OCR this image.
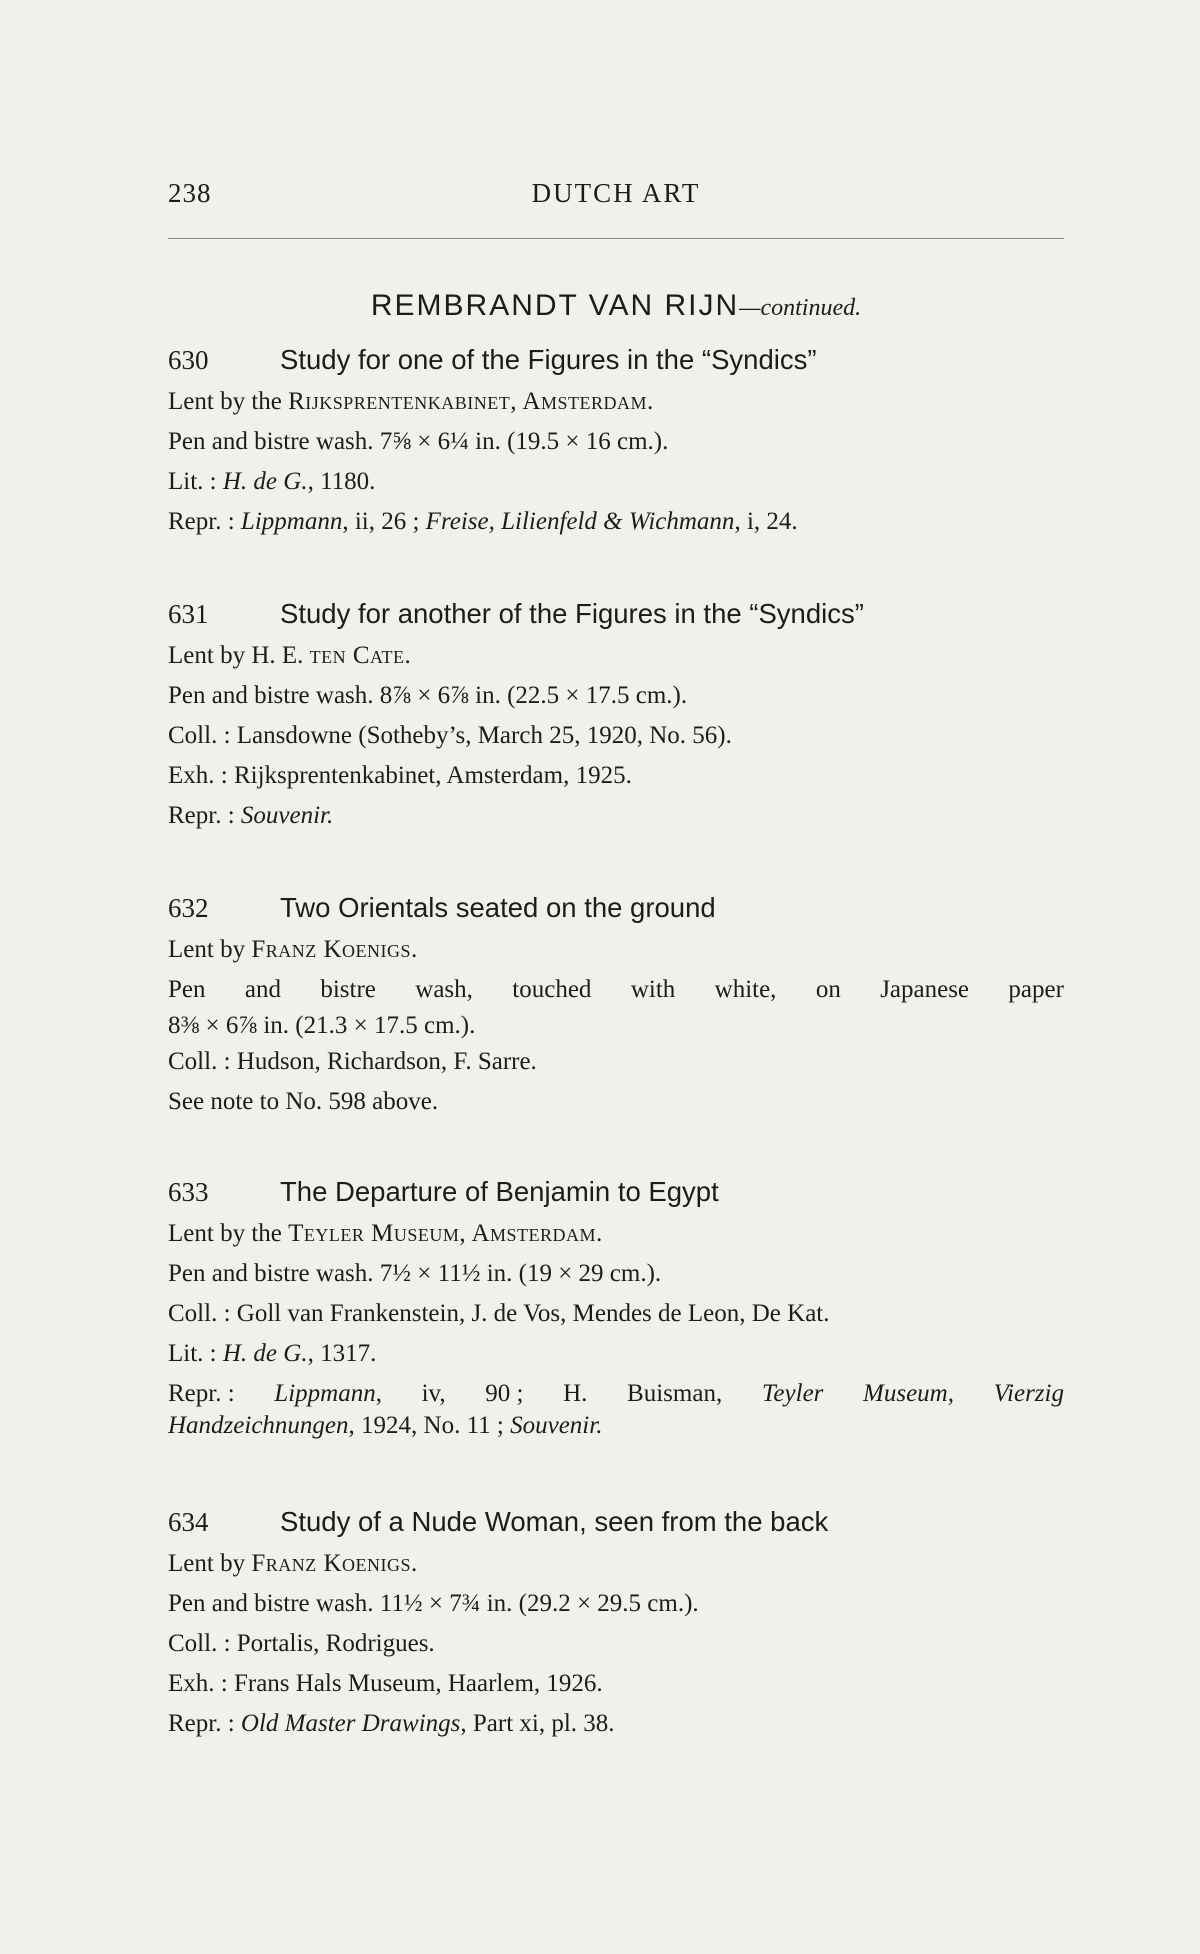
238	DUTCH ART
REMBRANDT VAN RIJN—continued.
630	Study for one of the Figures in the “Syndics”
Lent by the Rijksprentenkabinet, Amsterdam.
Pen and bistre wash. 7⅝ × 6¼ in. (19.5 × 16 cm.).
Lit. : H. de G., 1180.
Repr. : Lippmann, ii, 26 ; Freise, Lilienfeld & Wichmann, i, 24.
631	Study for another of the Figures in the “Syndics”
Lent by H. E. ten Cate.
Pen and bistre wash. 8⅞ × 6⅞ in. (22.5 × 17.5 cm.).
Coll. : Lansdowne (Sotheby’s, March 25, 1920, No. 56).
Exh. : Rijksprentenkabinet, Amsterdam, 1925.
Repr. : Souvenir.
632	Two Orientals seated on the ground
Lent by Franz Koenigs.
Pen and bistre wash, touched with white, on Japanese paper
8⅜ × 6⅞ in. (21.3 × 17.5 cm.).
Coll. : Hudson, Richardson, F. Sarre.
See note to No. 598 above.
633	The Departure of Benjamin to Egypt
Lent by the Teyler Museum, Amsterdam.
Pen and bistre wash. 7½ × 11½ in. (19 × 29 cm.).
Coll. : Goll van Frankenstein, J. de Vos, Mendes de Leon, De Kat.
Lit. : H. de G., 1317.
Repr. : Lippmann, iv, 90 ; H. Buisman, Teyler Museum, Vierzig
Handzeichnungen, 1924, No. 11 ; Souvenir.
634	Study of a Nude Woman, seen from the back
Lent by Franz Koenigs.
Pen and bistre wash. 11½ × 7¾ in. (29.2 × 29.5 cm.).
Coll. : Portalis, Rodrigues.
Exh. : Frans Hals Museum, Haarlem, 1926.
Repr. : Old Master Drawings, Part xi, pl. 38.
